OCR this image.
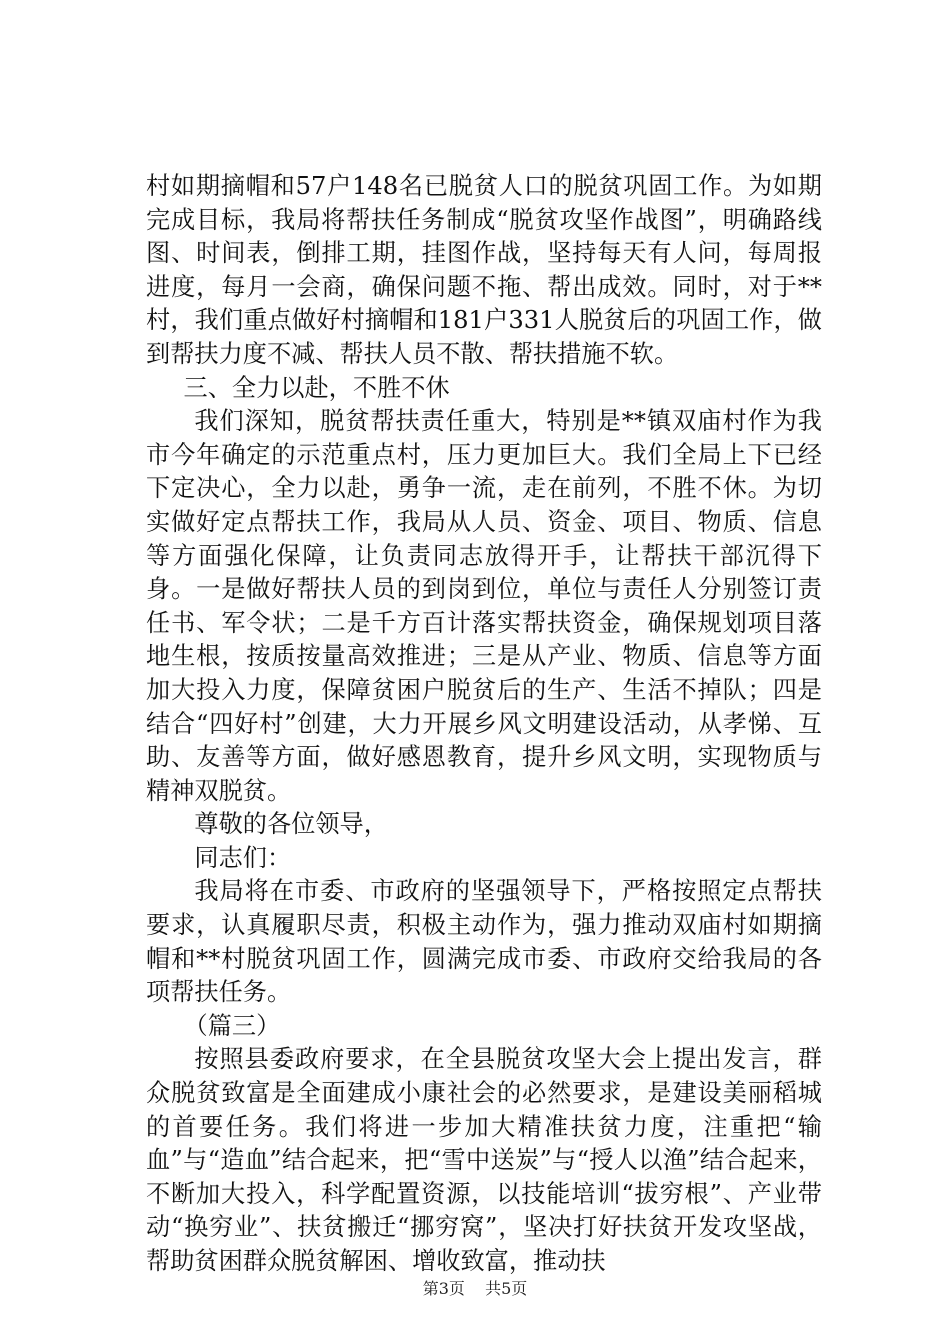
村如期摘帽和57户148名已脱贫人口的脱贫巩固工作。为如期完成目标，我局将帮扶任务制成“脱贫攻坚作战图”，明确路线图、时间表，倒排工期，挂图作战，坚持每天有人问，每周报进度，每月一会商，确保问题不拖、帮出成效。同时，对于**村，我们重点做好村摘帽和181户331人脱贫后的巩固工作，做到帮扶力度不减、帮扶人员不散、帮扶措施不软。

三、全力以赴，不胜不休

我们深知，脱贫帮扶责任重大，特别是**镇双庙村作为我市今年确定的示范重点村，压力更加巨大。我们全局上下已经下定决心，全力以赴，勇争一流，走在前列，不胜不休。为切实做好定点帮扶工作，我局从人员、资金、项目、物质、信息等方面强化保障，让负责同志放得开手，让帮扶干部沉得下身。一是做好帮扶人员的到岗到位，单位与责任人分别签订责任书、军令状；二是千方百计落实帮扶资金，确保规划项目落地生根，按质按量高效推进；三是从产业、物质、信息等方面加大投入力度，保障贫困户脱贫后的生产、生活不掉队；四是结合“四好村”创建，大力开展乡风文明建设活动，从孝悌、互助、友善等方面，做好感恩教育，提升乡风文明，实现物质与精神双脱贫。

尊敬的各位领导，

同志们：

我局将在市委、市政府的坚强领导下，严格按照定点帮扶要求，认真履职尽责，积极主动作为，强力推动双庙村如期摘帽和**村脱贫巩固工作，圆满完成市委、市政府交给我局的各项帮扶任务。

（篇三）

按照县委政府要求，在全县脱贫攻坚大会上提出发言，群众脱贫致富是全面建成小康社会的必然要求，是建设美丽稻城的首要任务。我们将进一步加大精准扶贫力度，注重把“输血”与“造血”结合起来，把“雪中送炭”与“授人以渔”结合起来，不断加大投入，科学配置资源，以技能培训“拔穷根”、产业带动“换穷业”、扶贫搬迁“挪穷窝”，坚决打好扶贫开发攻坚战，帮助贫困群众脱贫解困、增收致富，推动扶

第3页 共5页
